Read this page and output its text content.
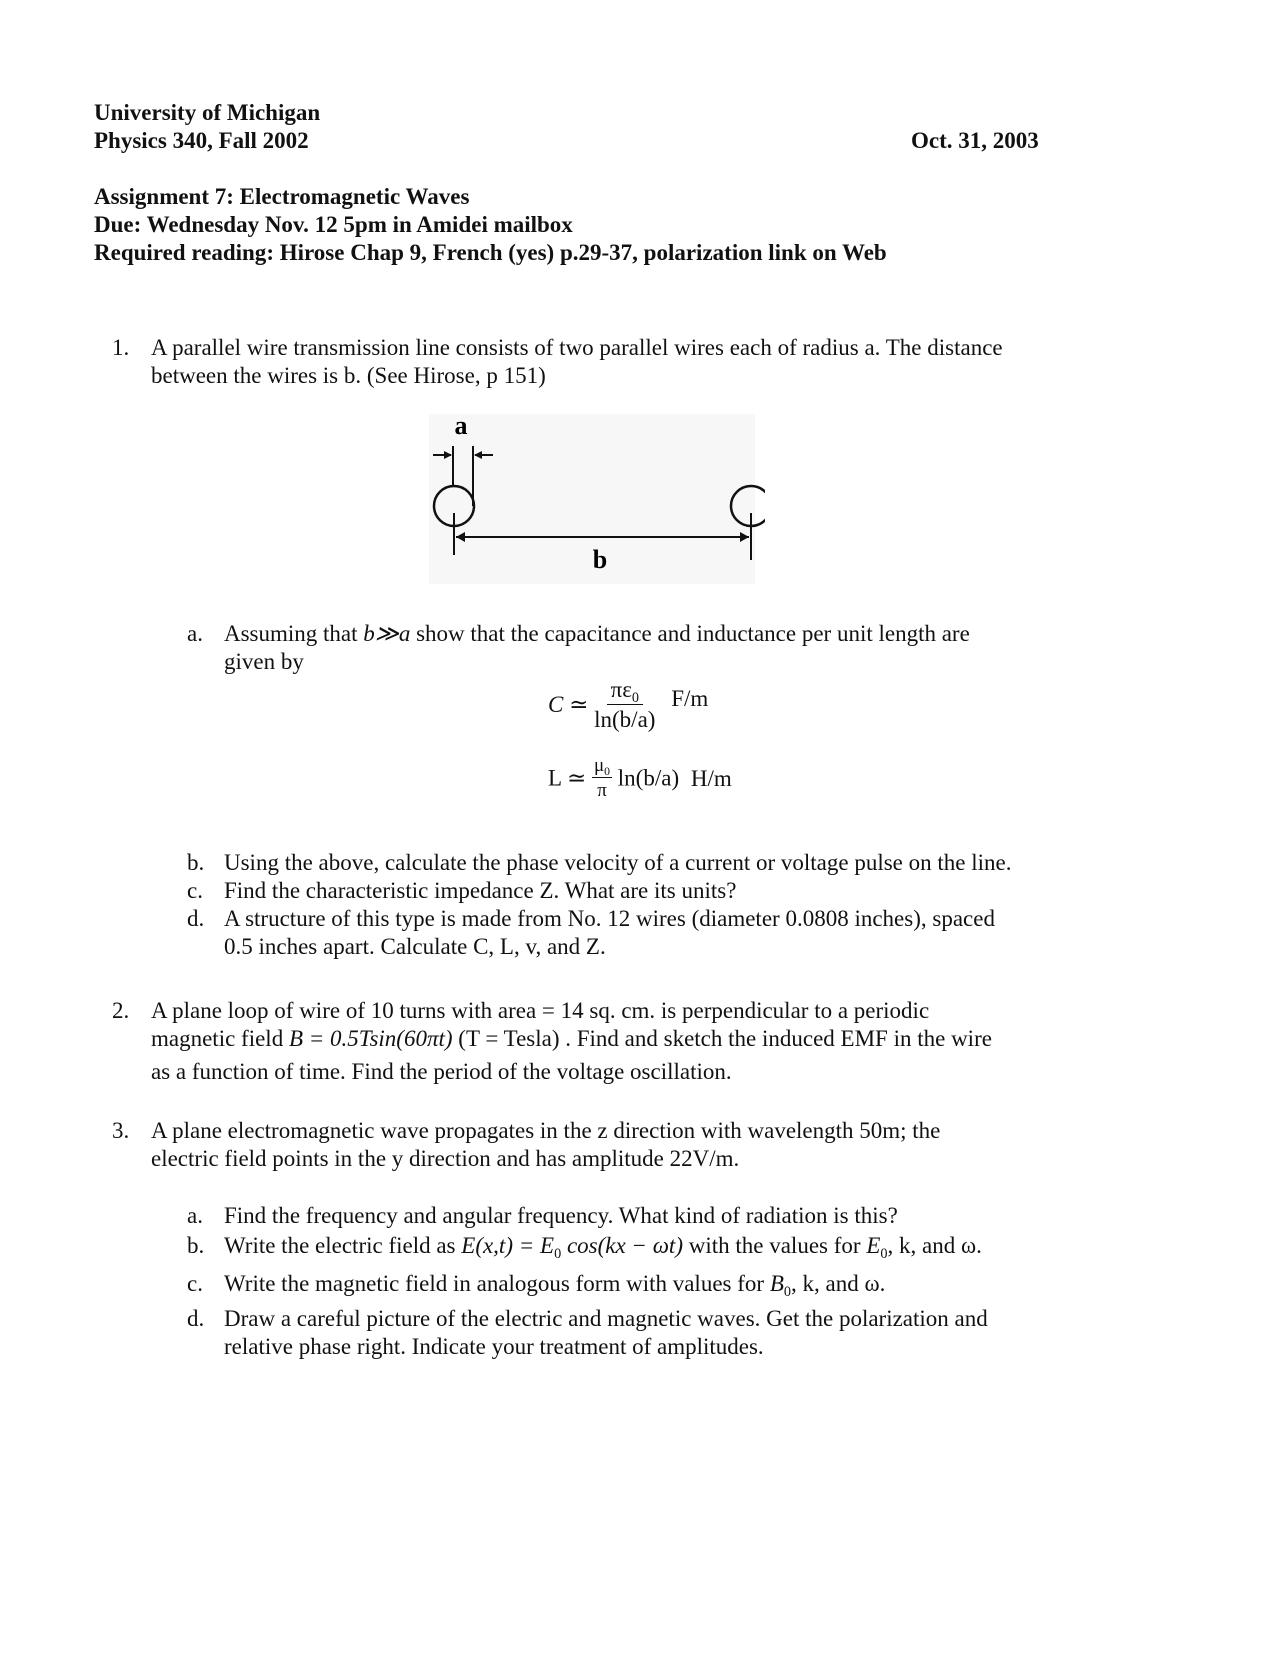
University of Michigan
Physics 340, Fall 2002	Oct. 31, 2003
Assignment 7: Electromagnetic Waves
Due: Wednesday Nov. 12 5pm in Amidei mailbox
Required reading: Hirose Chap 9, French (yes) p.29-37, polarization link on Web
1. A parallel wire transmission line consists of two parallel wires each of radius a. The distance
between the wires is b. (See Hirose, p 151)
a
b
a. Assuming that b≫a show that the capacitance and inductance per unit length are
given by
C ≃ $\frac{\pi\varepsilon_0}{\ln(b/a)} F/m$
L ≃ $\frac{\mu_0}{\pi} \ln(b/a)$ H/m
b. Using the above, calculate the phase velocity of a current or voltage pulse on the line.
c. Find the characteristic impedance Z. What are its units?
d. A structure of this type is made from No. 12 wires (diameter 0.0808 inches), spaced
0.5 inches apart. Calculate C, L, v, and Z.
2. A plane loop of wire of 10 turns with area = 14 sq. cm. is perpendicular to a periodic
magnetic field B = 0.5Tsin(60πt) (T = Tesla) . Find and sketch the induced EMF in the wire
as a function of time. Find the period of the voltage oscillation.
3. A plane electromagnetic wave propagates in the z direction with wavelength 50m; the
electric field points in the y direction and has amplitude 22V/m.
a. Find the frequency and angular frequency. What kind of radiation is this?
b. Write the electric field as $E(x,t) = E_0$ cos(kx − ωt) with the values for $E_0$, k, and ω.
c. Write the magnetic field in analogous form with values for $B_0$, k, and ω.
d. Draw a careful picture of the electric and magnetic waves. Get the polarization and
relative phase right. Indicate your treatment of amplitudes.
